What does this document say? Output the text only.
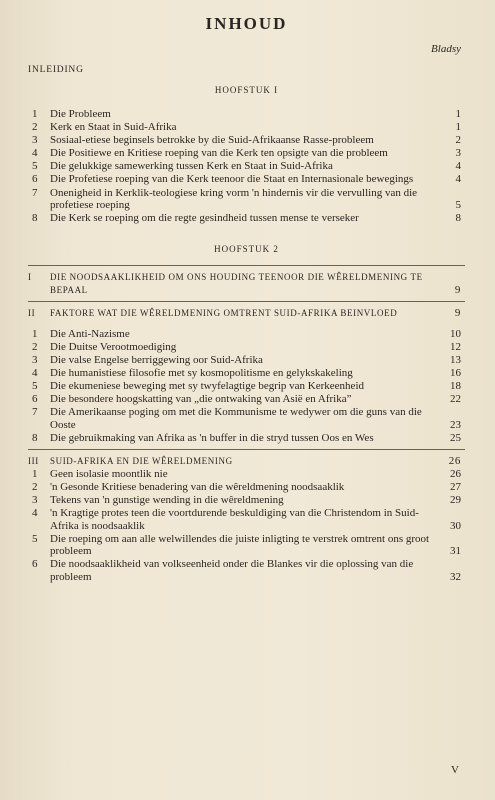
INHOUD
Bladsy
INLEIDING
HOOFSTUK I
1	Die Probleem	1
2	Kerk en Staat in Suid-Afrika	1
3	Sosiaal-etiese beginsels betrokke by die Suid-Afrikaanse Rasse-probleem	2
4	Die Positiewe en Kritiese roeping van die Kerk ten opsigte van die probleem	3
5	Die gelukkige samewerking tussen Kerk en Staat in Suid-Afrika	4
6	Die Profetiese roeping van die Kerk teenoor die Staat en Internasionale bewegings	4
7	Onenigheid in Kerklik-teologiese kring vorm 'n hindernis vir die vervulling van die profetiese roeping	5
8	Die Kerk se roeping om die regte gesindheid tussen mense te verseker	8
HOOFSTUK 2
I	DIE NOODSAAKLIKHEID OM ONS HOUDING TEENOOR DIE WÊRELDMENING TE BEPAAL	9
II	FAKTORE WAT DIE WÊRELDMENING OMTRENT SUID-AFRIKA BEINVLOED	9
1	Die Anti-Nazisme	10
2	Die Duitse Verootmoediging	12
3	Die valse Engelse berriggewing oor Suid-Afrika	13
4	Die humanistiese filosofie met sy kosmopolitisme en gelykskakeling	16
5	Die ekumeniese beweging met sy twyfelagtige begrip van Kerkeenheid	18
6	Die besondere hoogskatting van „die ontwaking van Asië en Afrika”	22
7	Die Amerikaanse poging om met die Kommunisme te wedywer om die guns van die Ooste	23
8	Die gebruikmaking van Afrika as 'n buffer in die stryd tussen Oos en Wes	25
III	SUID-AFRIKA EN DIE WÊRELDMENING	26
1	Geen isolasie moontlik nie	26
2	'n Gesonde Kritiese benadering van die wêreldmening noodsaaklik	27
3	Tekens van 'n gunstige wending in die wêreldmening	29
4	'n Kragtige protes teen die voortdurende beskuldiging van die Christendom in Suid-Afrika is noodsaaklik	30
5	Die roeping om aan alle welwillendes die juiste inligting te verstrek omtrent ons groot probleem	31
6	Die noodsaaklikheid van volkseenheid onder die Blankes vir die oplossing van die probleem	32
V
